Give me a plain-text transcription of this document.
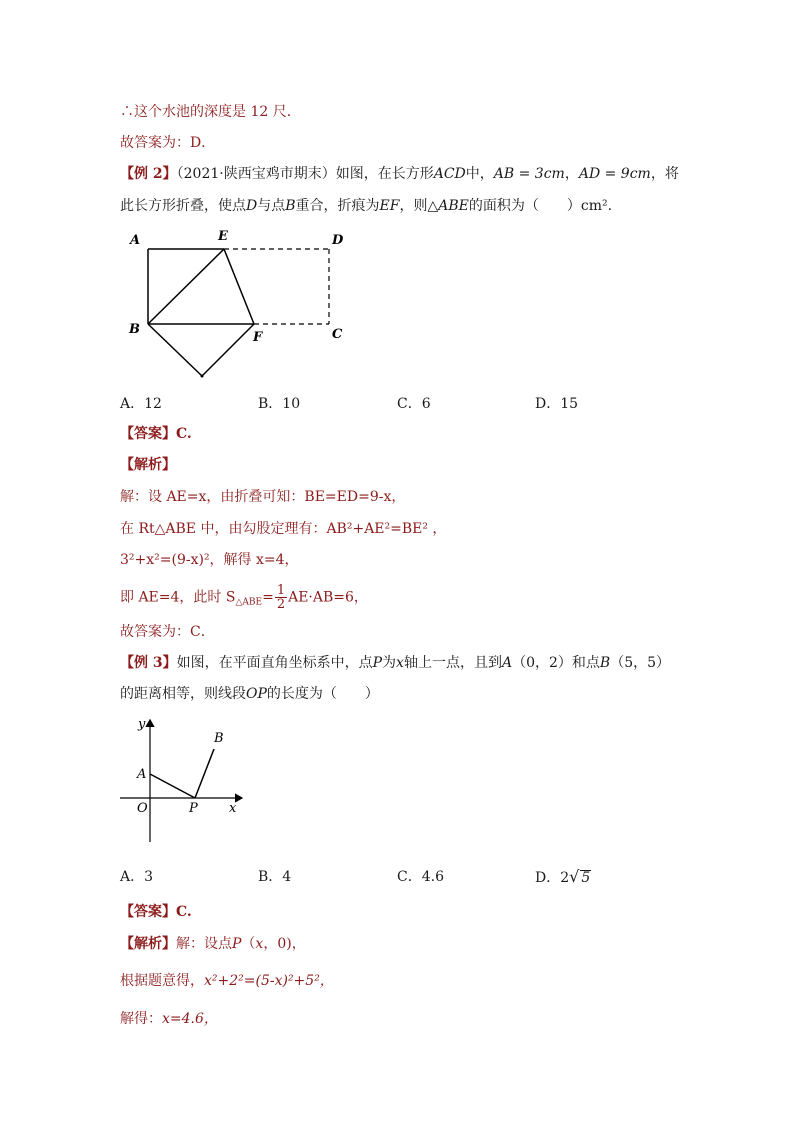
∴这个水池的深度是 12 尺．
故答案为：D．
【例 2】（2021·陕西宝鸡市期末）如图，在长方形ACD中，AB = 3cm，AD = 9cm，将
此长方形折叠，使点D与点B重合，折痕为EF，则△ABE的面积为（　　）cm².
A	E	D
B
F	C
A．12	B．10	C．6	D．15
【答案】C.
【解析】
解：设 AE=x，由折叠可知：BE=ED=9-x，
在 Rt△ABE 中，由勾股定理有：AB²+AE²=BE² ，
3²+x²=(9-x)²，解得 x=4，
即 AE=4，此时 $S_{\triangle ABE}= \frac{1}{2} AE\cdot AB=6$，
故答案为：C．
【例 3】如图，在平面直角坐标系中，点P为x轴上一点，且到A（0，2）和点B（5，5）
的距离相等，则线段OP的长度为（　　）
y
x
O
A
B
P
A．3	B．4	C．4.6	D．2√ 5
【答案】C.
【解析】解：设点P（x，0)，
根据题意得，x²+2²=(5-x)²+5²，
解得：x=4.6，
